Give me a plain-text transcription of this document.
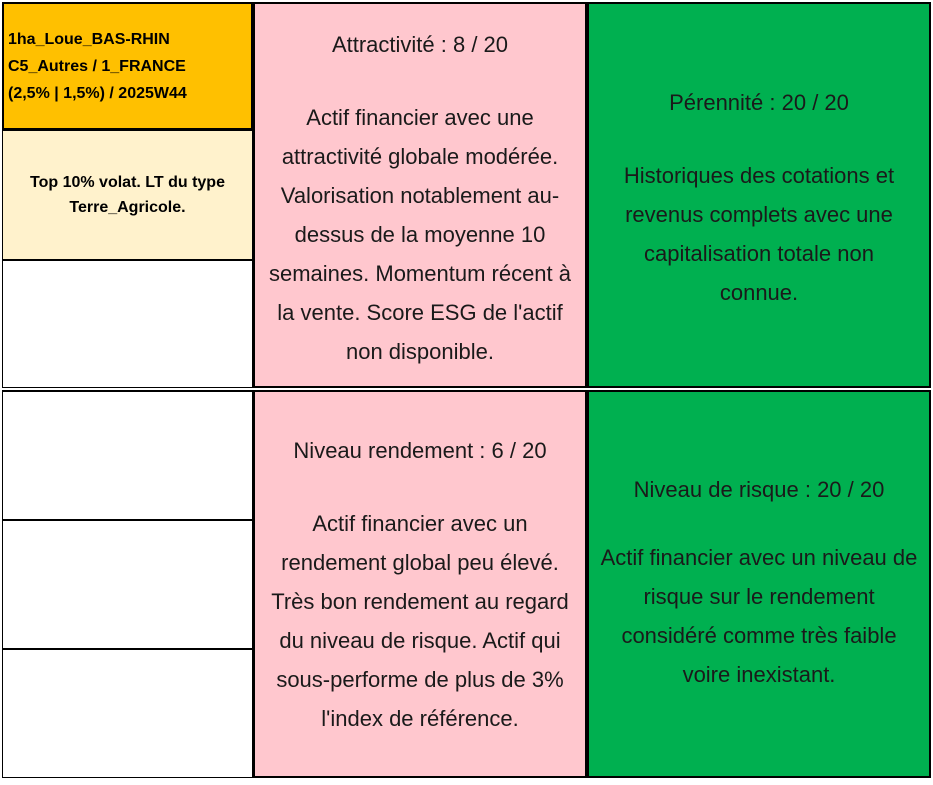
1ha_Loue_BAS-RHIN
C5_Autres / 1_FRANCE
(2,5% | 1,5%) / 2025W44
Top 10% volat. LT du type
Terre_Agricole.
Attractivité : 8 / 20
Actif financier avec une
attractivité globale modérée.
Valorisation notablement au-
dessus de la moyenne 10
semaines. Momentum récent à
la vente. Score ESG de l'actif
non disponible.
Pérennité : 20 / 20
Historiques des cotations et
revenus complets avec une
capitalisation totale non
connue.
Niveau rendement : 6 / 20
Actif financier avec un
rendement global peu élevé.
Très bon rendement au regard
du niveau de risque. Actif qui
sous-performe de plus de 3%
l'index de référence.
Niveau de risque : 20 / 20
Actif financier avec un niveau de
risque sur le rendement
considéré comme très faible
voire inexistant.
